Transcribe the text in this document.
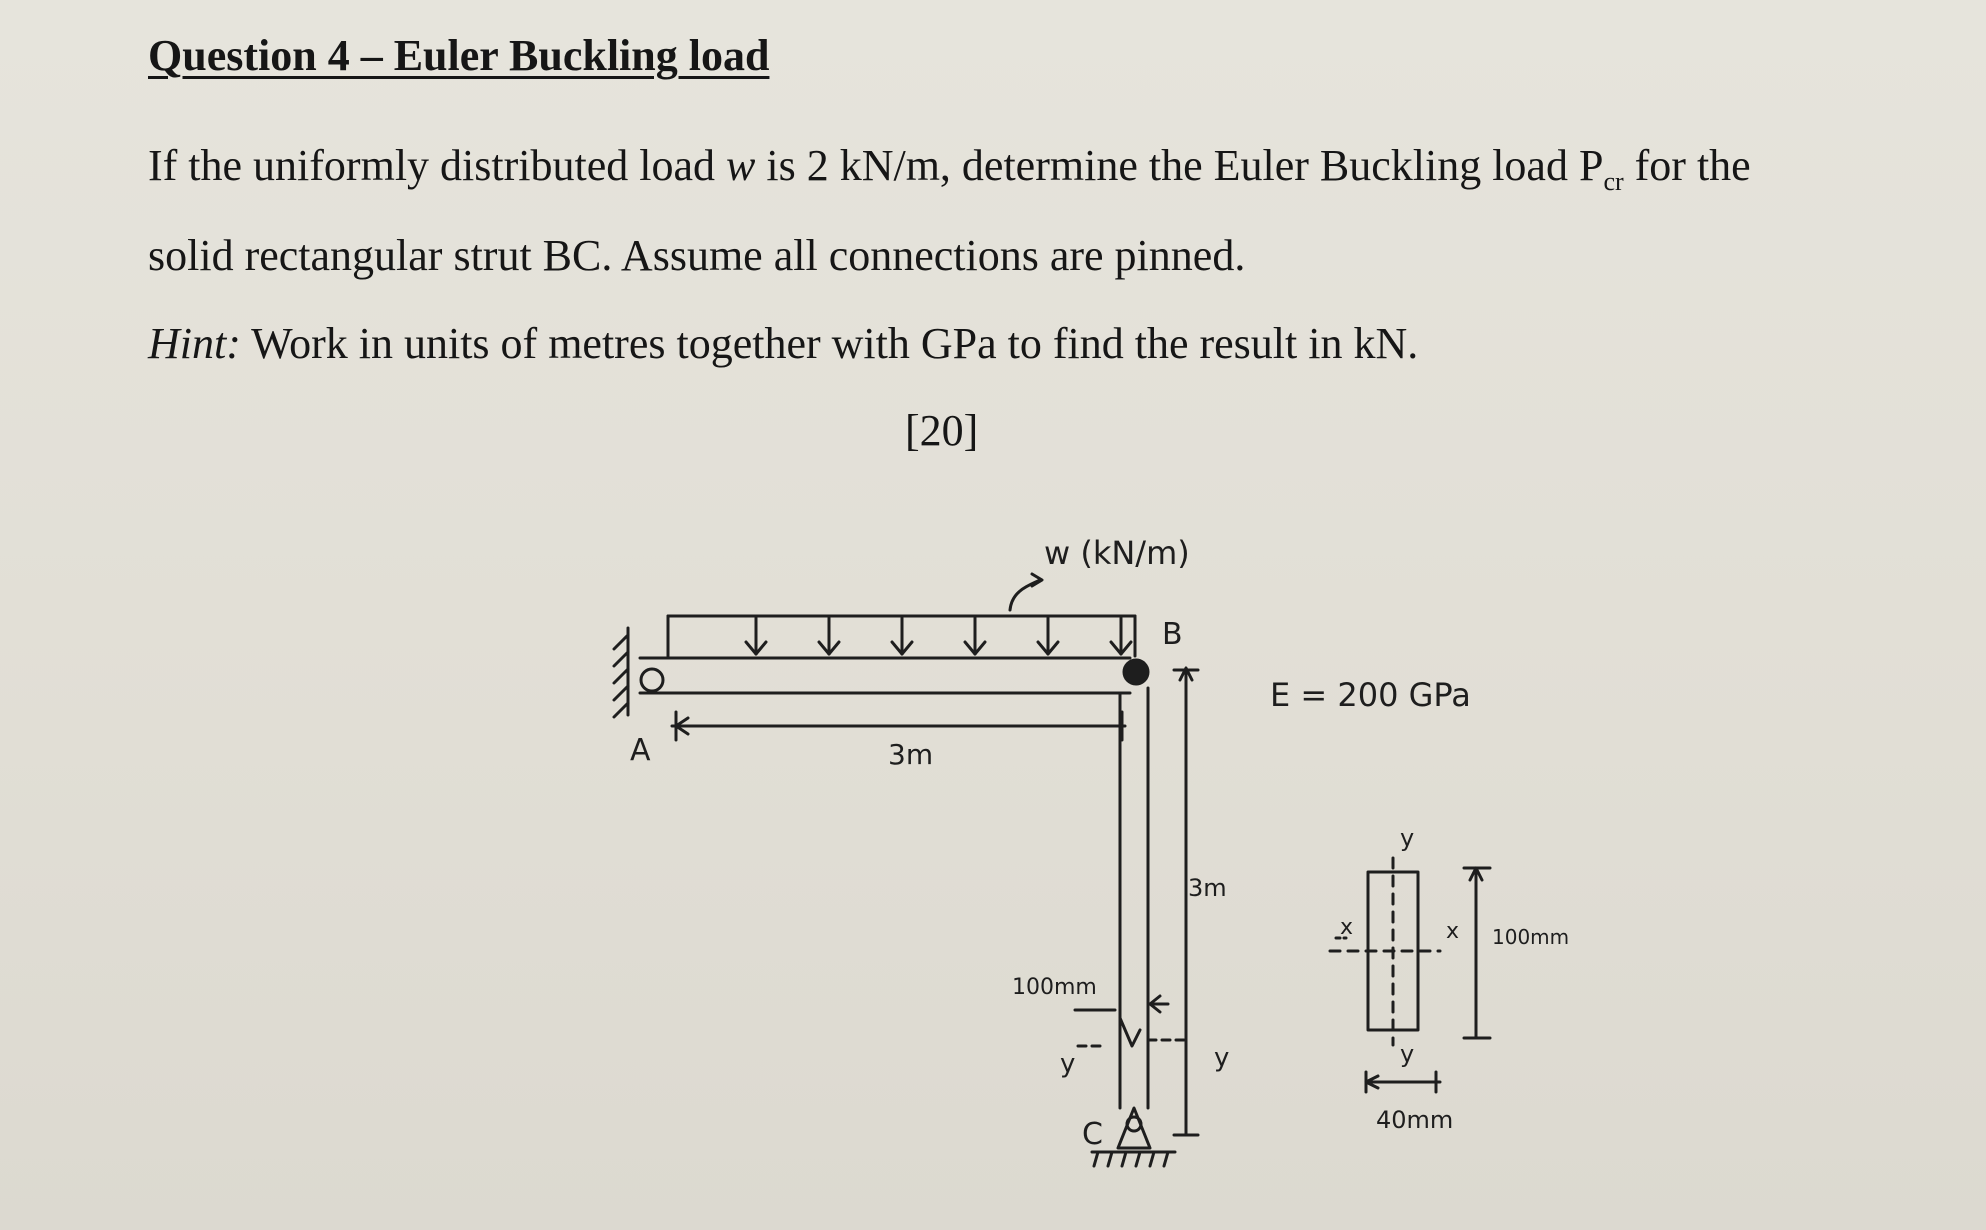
Question 4 – Euler Buckling load
If the uniformly distributed load w is 2 kN/m, determine the Euler Buckling load $P_{cr}$ for the
solid rectangular strut BC. Assume all connections are pinned.
Hint: Work in units of metres together with GPa to find the result in kN.
[20]
w (kN/m)
B
A
C
3m
3m
E = 200 GPa
100mm
100mm
40mm
y
y
x
x
y	y
